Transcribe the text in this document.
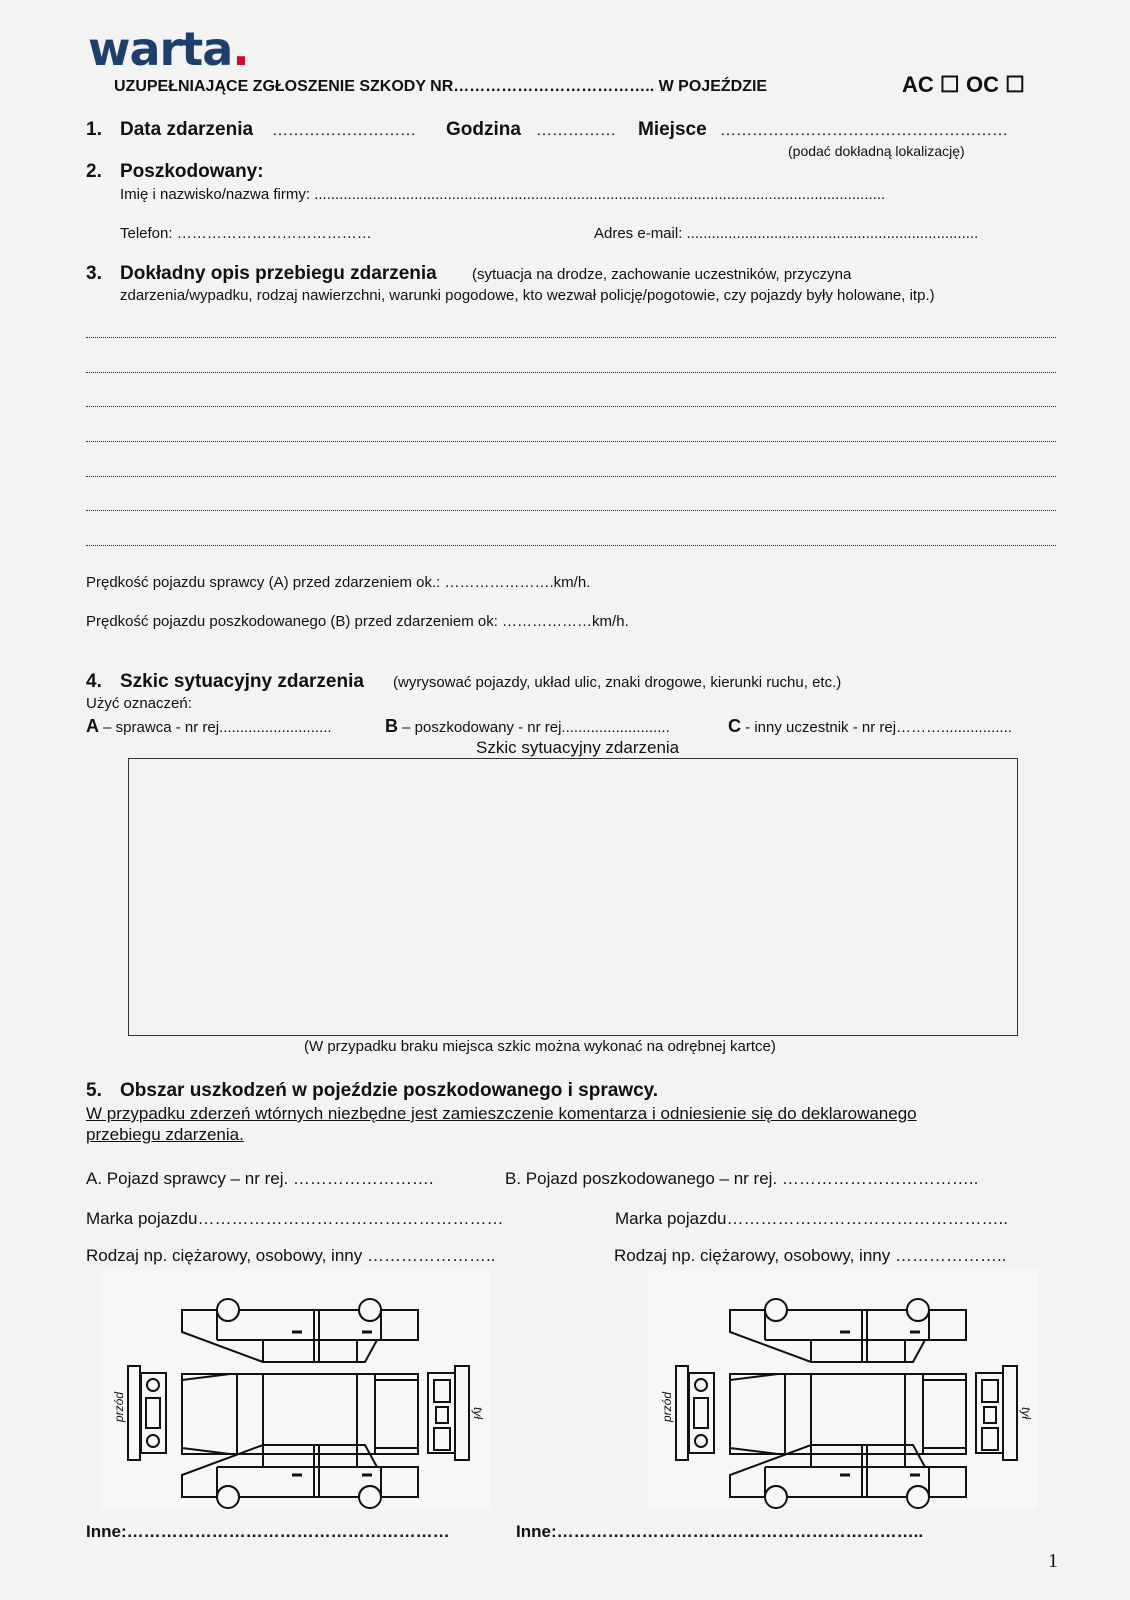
warta.
UZUPEŁNIAJĄCE ZGŁOSZENIE SZKODY NR……………………………….. W POJEŹDZIE	AC ☐ OC ☐
1. Data zdarzenia ……………………… Godzina …………… Miejsce ………………………………………………
(podać dokładną lokalizację)
2. Poszkodowany:
Imię i nazwisko/nazwa firmy: .........................................................................................................................................
Telefon: …………………………………	Adres e-mail: ......................................................................
3. Dokładny opis przebiegu zdarzenia (sytuacja na drodze, zachowanie uczestników, przyczyna
zdarzenia/wypadku, rodzaj nawierzchni, warunki pogodowe, kto wezwał policję/pogotowie, czy pojazdy były holowane, itp.)
Prędkość pojazdu sprawcy (A) przed zdarzeniem ok.: ………………….km/h.
Prędkość pojazdu poszkodowanego (B) przed zdarzeniem ok: ………………km/h.
4. Szkic sytuacyjny zdarzenia (wyrysować pojazdy, układ ulic, znaki drogowe, kierunki ruchu, etc.)
Użyć oznaczeń:
A – sprawca - nr rej...........................	B – poszkodowany - nr rej..........................	C - inny uczestnik - nr rej……….................
Szkic sytuacyjny zdarzenia
(W przypadku braku miejsca szkic można wykonać na odrębnej kartce)
5. Obszar uszkodzeń w pojeździe poszkodowanego i sprawcy.
W przypadku zderzeń wtórnych niezbędne jest zamieszczenie komentarza i odniesienie się do deklarowanego
przebiegu zdarzenia.
A. Pojazd sprawcy – nr rej. …………………….	B. Pojazd poszkodowanego – nr rej. ……………………………..
Marka pojazdu………………………………………………	Marka pojazdu…………………………………………..
Rodzaj np. ciężarowy, osobowy, inny …………………..	Rodzaj np. ciężarowy, osobowy, inny ………………..
przód	tył	przód	tył
Inne:…………………………………………………	Inne:………………………………………………………..
1
